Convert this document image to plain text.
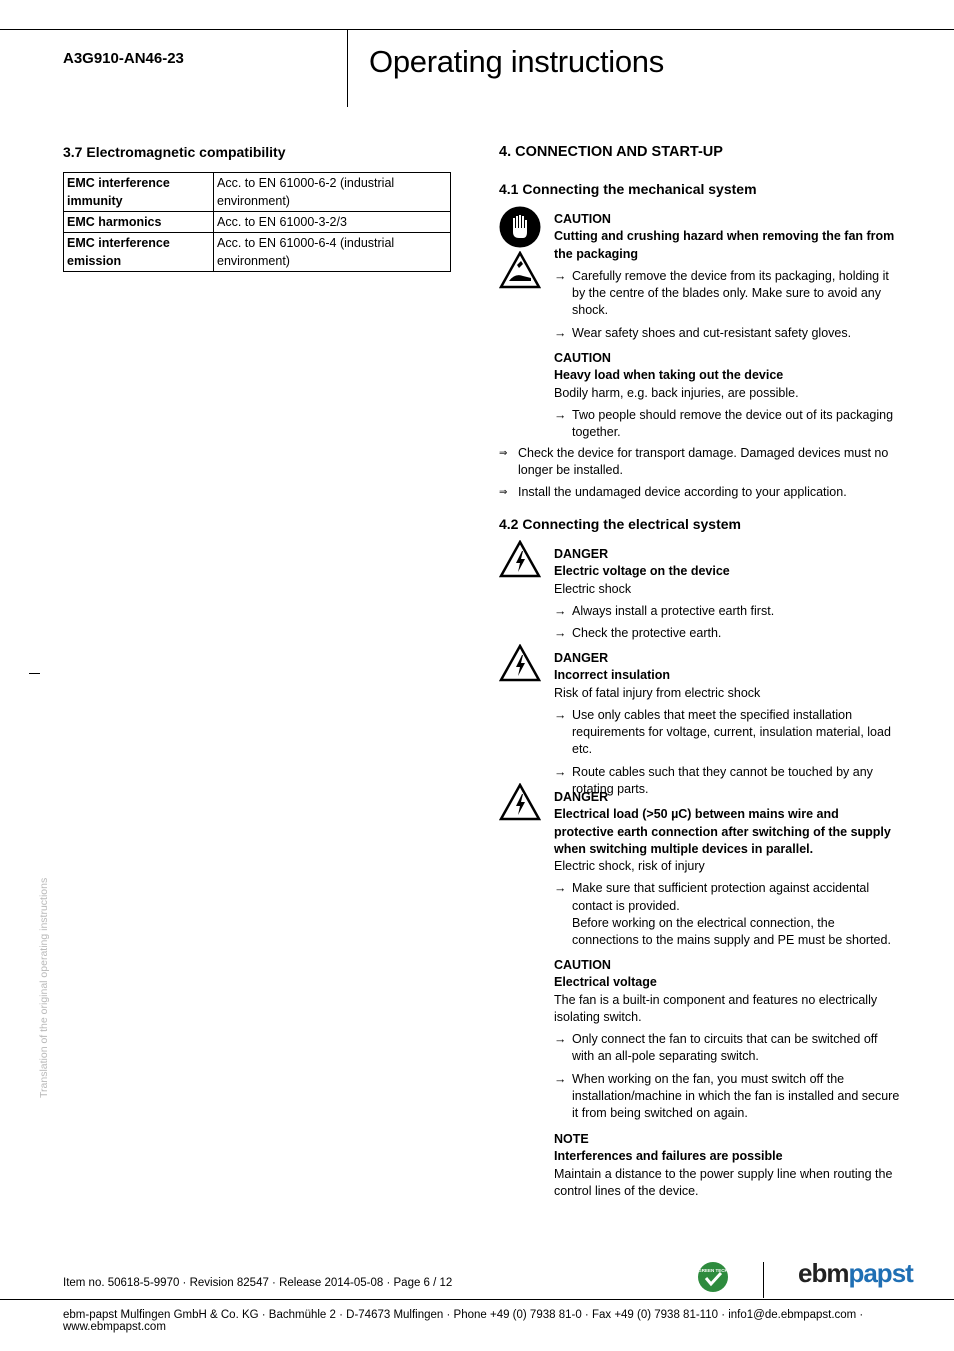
A3G910-AN46-23	Operating instructions
3.7 Electromagnetic compatibility
EMC interference immunity	Acc. to EN 61000-6-2 (industrial environment)
EMC harmonics	Acc. to EN 61000-3-2/3
EMC interference emission	Acc. to EN 61000-6-4 (industrial environment)
Translation of the original operating instructions
4. CONNECTION AND START-UP
4.1 Connecting the mechanical system
CAUTION
Cutting and crushing hazard when removing the fan from the packaging
→ Carefully remove the device from its packaging, holding it by the centre of the blades only. Make sure to avoid any shock.
→ Wear safety shoes and cut-resistant safety gloves.
CAUTION
Heavy load when taking out the device
Bodily harm, e.g. back injuries, are possible.
→ Two people should remove the device out of its packaging together.
⇒ Check the device for transport damage. Damaged devices must no longer be installed.
⇒ Install the undamaged device according to your application.
4.2 Connecting the electrical system
DANGER
Electric voltage on the device
Electric shock
→ Always install a protective earth first.
→ Check the protective earth.
DANGER
Incorrect insulation
Risk of fatal injury from electric shock
→ Use only cables that meet the specified installation requirements for voltage, current, insulation material, load etc.
→ Route cables such that they cannot be touched by any rotating parts.
DANGER
Electrical load (>50 µC) between mains wire and protective earth connection after switching of the supply when switching multiple devices in parallel.
Electric shock, risk of injury
→ Make sure that sufficient protection against accidental contact is provided.
Before working on the electrical connection, the connections to the mains supply and PE must be shorted.
CAUTION
Electrical voltage
The fan is a built-in component and features no electrically isolating switch.
→ Only connect the fan to circuits that can be switched off with an all-pole separating switch.
→ When working on the fan, you must switch off the installation/machine in which the fan is installed and secure it from being switched on again.
NOTE
Interferences and failures are possible
Maintain a distance to the power supply line when routing the control lines of the device.
Item no. 50618-5-9970 · Revision 82547 · Release 2014-05-08 · Page 6 / 12
GREEN TECH	ebmpapst
ebm-papst Mulfingen GmbH & Co. KG · Bachmühle 2 · D-74673 Mulfingen · Phone +49 (0) 7938 81-0 · Fax +49 (0) 7938 81-110 · info1@de.ebmpapst.com · www.ebmpapst.com
